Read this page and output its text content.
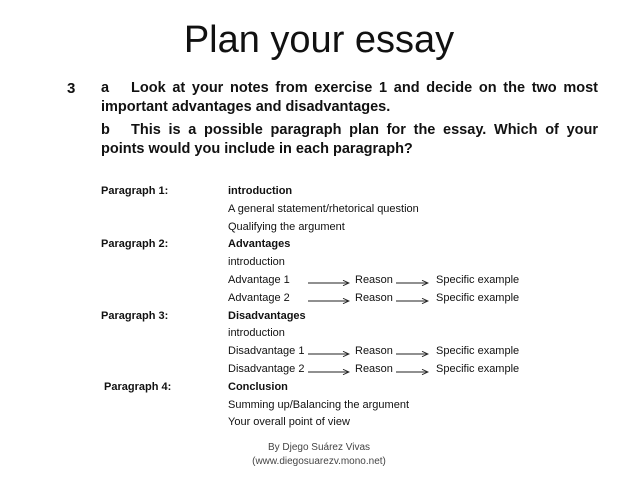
Plan your essay
3 a Look at your notes from exercise 1 and decide on the two most important advantages and disadvantages.
b This is a possible paragraph plan for the essay. Which of your points would you include in each paragraph?
Paragraph 1:	introduction
A general statement/rhetorical question
Qualifying the argument
Paragraph 2:	Advantages
introduction
Advantage 1	Reason	Specific example
Advantage 2	Reason	Specific example
Paragraph 3:	Disadvantages
introduction
Disadvantage 1	Reason	Specific example
Disadvantage 2	Reason	Specific example
Paragraph 4:	Conclusion
Summing up/Balancing the argument
Your overall point of view
By Djego Suárez Vivas
(www.diegosuarezv.mono.net)
